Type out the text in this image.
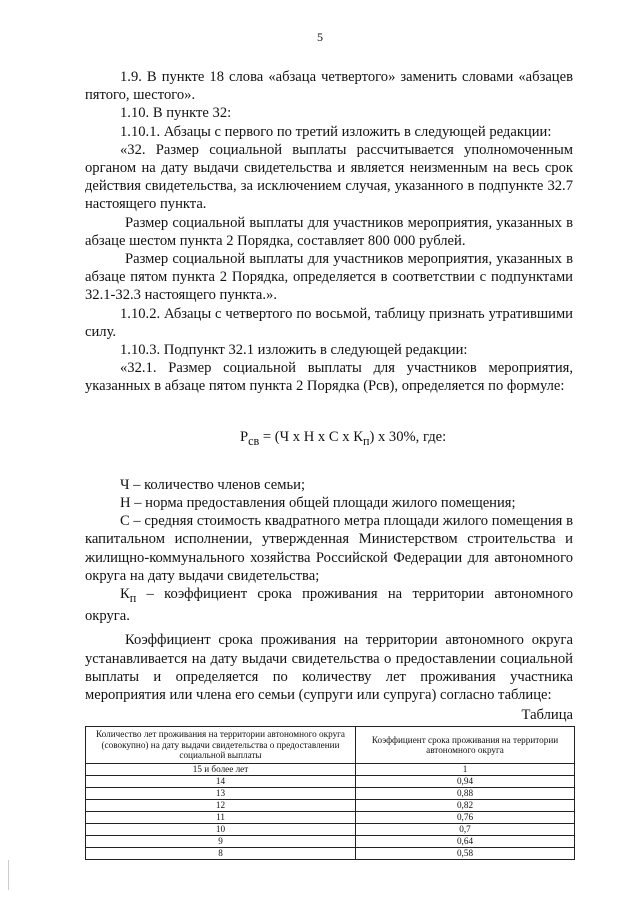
5

1.9. В пункте 18 слова «абзаца четвертого» заменить словами «абзацев пятого, шестого».

1.10. В пункте 32:

1.10.1. Абзацы с первого по третий изложить в следующей редакции:

«32. Размер социальной выплаты рассчитывается уполномоченным органом на дату выдачи свидетельства и является неизменным на весь срок действия свидетельства, за исключением случая, указанного в подпункте 32.7 настоящего пункта.

Размер социальной выплаты для участников мероприятия, указанных в абзаце шестом пункта 2 Порядка, составляет 800 000 рублей.

Размер социальной выплаты для участников мероприятия, указанных в абзаце пятом пункта 2 Порядка, определяется в соответствии с подпунктами 32.1-32.3 настоящего пункта.».

1.10.2. Абзацы с четвертого по восьмой, таблицу признать утратившими силу.

1.10.3. Подпункт 32.1 изложить в следующей редакции:

«32.1. Размер социальной выплаты для участников мероприятия, указанных в абзаце пятом пункта 2 Порядка (Рсв), определяется по формуле:

$Р_{св} = (Ч$ х Н х С х $К_п$) х 30%, где:

Ч – количество членов семьи;

Н – норма предоставления общей площади жилого помещения;

С – средняя стоимость квадратного метра площади жилого помещения в капитальном исполнении, утвержденная Министерством строительства и жилищно-коммунального хозяйства Российской Федерации для автономного округа на дату выдачи свидетельства;

$К_п$ – коэффициент срока проживания на территории автономного округа.

Коэффициент срока проживания на территории автономного округа устанавливается на дату выдачи свидетельства о предоставлении социальной выплаты и определяется по количеству лет проживания участника мероприятия или члена его семьи (супруги или супруга) согласно таблице:

Таблица

Количество лет проживания на территории автономного округа (совокупно) на дату выдачи свидетельства о предоставлении социальной выплаты	Коэффициент срока проживания на территории автономного округа
15 и более лет	1
14	0,94
13	0,88
12	0,82
11	0,76
10	0,7
9	0,64
8	0,58
